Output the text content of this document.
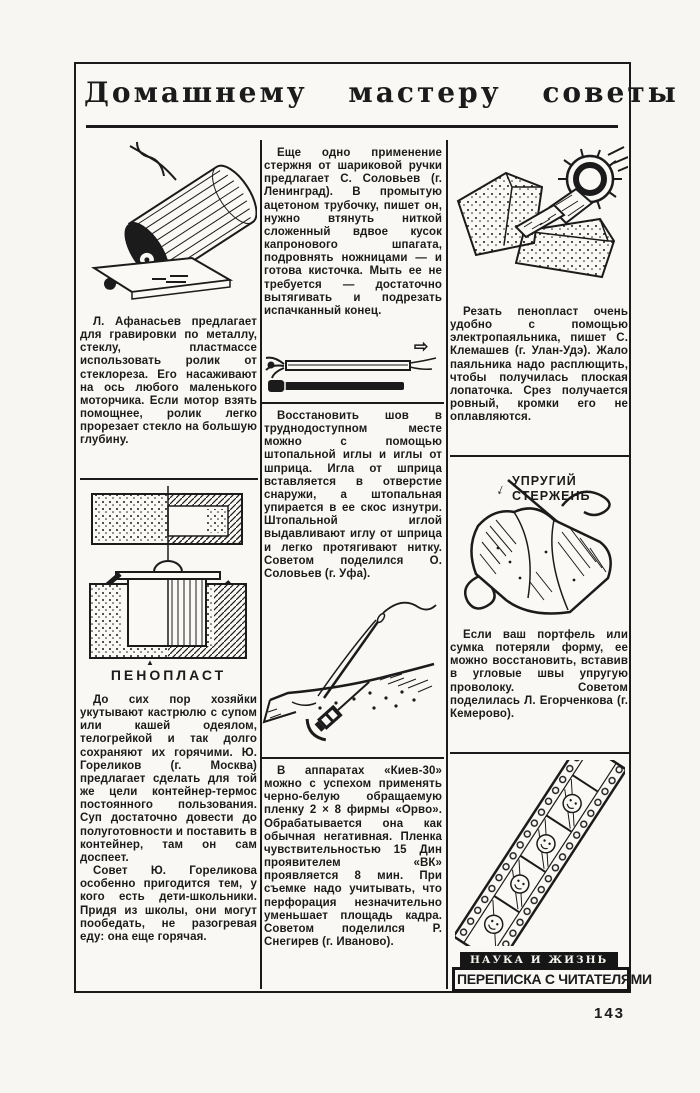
Домашнему мастеру советы

Л. Афанасьев предлагает для гравировки по металлу, стеклу, пластмассе использовать ролик от стеклореза. Его насаживают на ось любого маленького моторчика. Если мотор взять помощнее, ролик легко прорезает стекло на большую глубину.

▲
ПЕНОПЛАСТ

До сих пор хозяйки укутывают кастрюлю с супом или кашей одеялом, телогрейкой и так долго сохраняют их горячими. Ю. Гореликов (г. Москва) предлагает сделать для той же цели контейнер-термос постоянного пользования. Суп достаточно довести до полуготовности и поставить в контейнер, там он сам доспеет.

Совет Ю. Гореликова особенно пригодится тем, у кого есть дети-школьники. Придя из школы, они могут пообедать, не разогревая еду: она еще горячая.

Еще одно применение стержня от шариковой ручки предлагает С. Соловьев (г. Ленинград). В промытую ацетоном трубочку, пишет он, нужно втянуть ниткой сложенный вдвое кусок капронового шпагата, подровнять ножницами — и готова кисточка. Мыть ее не требуется — достаточно вытягивать и подрезать испачканный конец.

⇨

Восстановить шов в труднодоступном месте можно с помощью штопальной иглы и иглы от шприца. Игла от шприца вставляется в отверстие снаружи, а штопальная упирается в ее скос изнутри. Штопальной иглой выдавливают иглу от шприца и легко протягивают нитку. Советом поделился О. Соловьев (г. Уфа).

В аппаратах «Киев-30» можно с успехом применять черно-белую обращаемую пленку 2 × 8 фирмы «Орво». Обрабатывается она как обычная негативная. Пленка чувствительностью 15 Дин проявителем «ВК» проявляется 8 мин. При съемке надо учитывать, что перфорация незначительно уменьшает площадь кадра. Советом поделился Р. Снегирев (г. Иваново).

Резать пенопласт очень удобно с помощью электропаяльника, пишет С. Клемашев (г. Улан-Удэ). Жало паяльника надо расплющить, чтобы получилась плоская лопаточка. Срез получается ровный, кромки его не оплавляются.

↓ УПРУГИЙ
СТЕРЖЕНЬ

Если ваш портфель или сумка потеряли форму, ее можно восстановить, вставив в угловые швы упругую проволоку. Советом поделилась Л. Егорченкова (г. Кемерово).

НАУКА И ЖИЗНЬ
ПЕРЕПИСКА С ЧИТАТЕЛЯМИ
143
